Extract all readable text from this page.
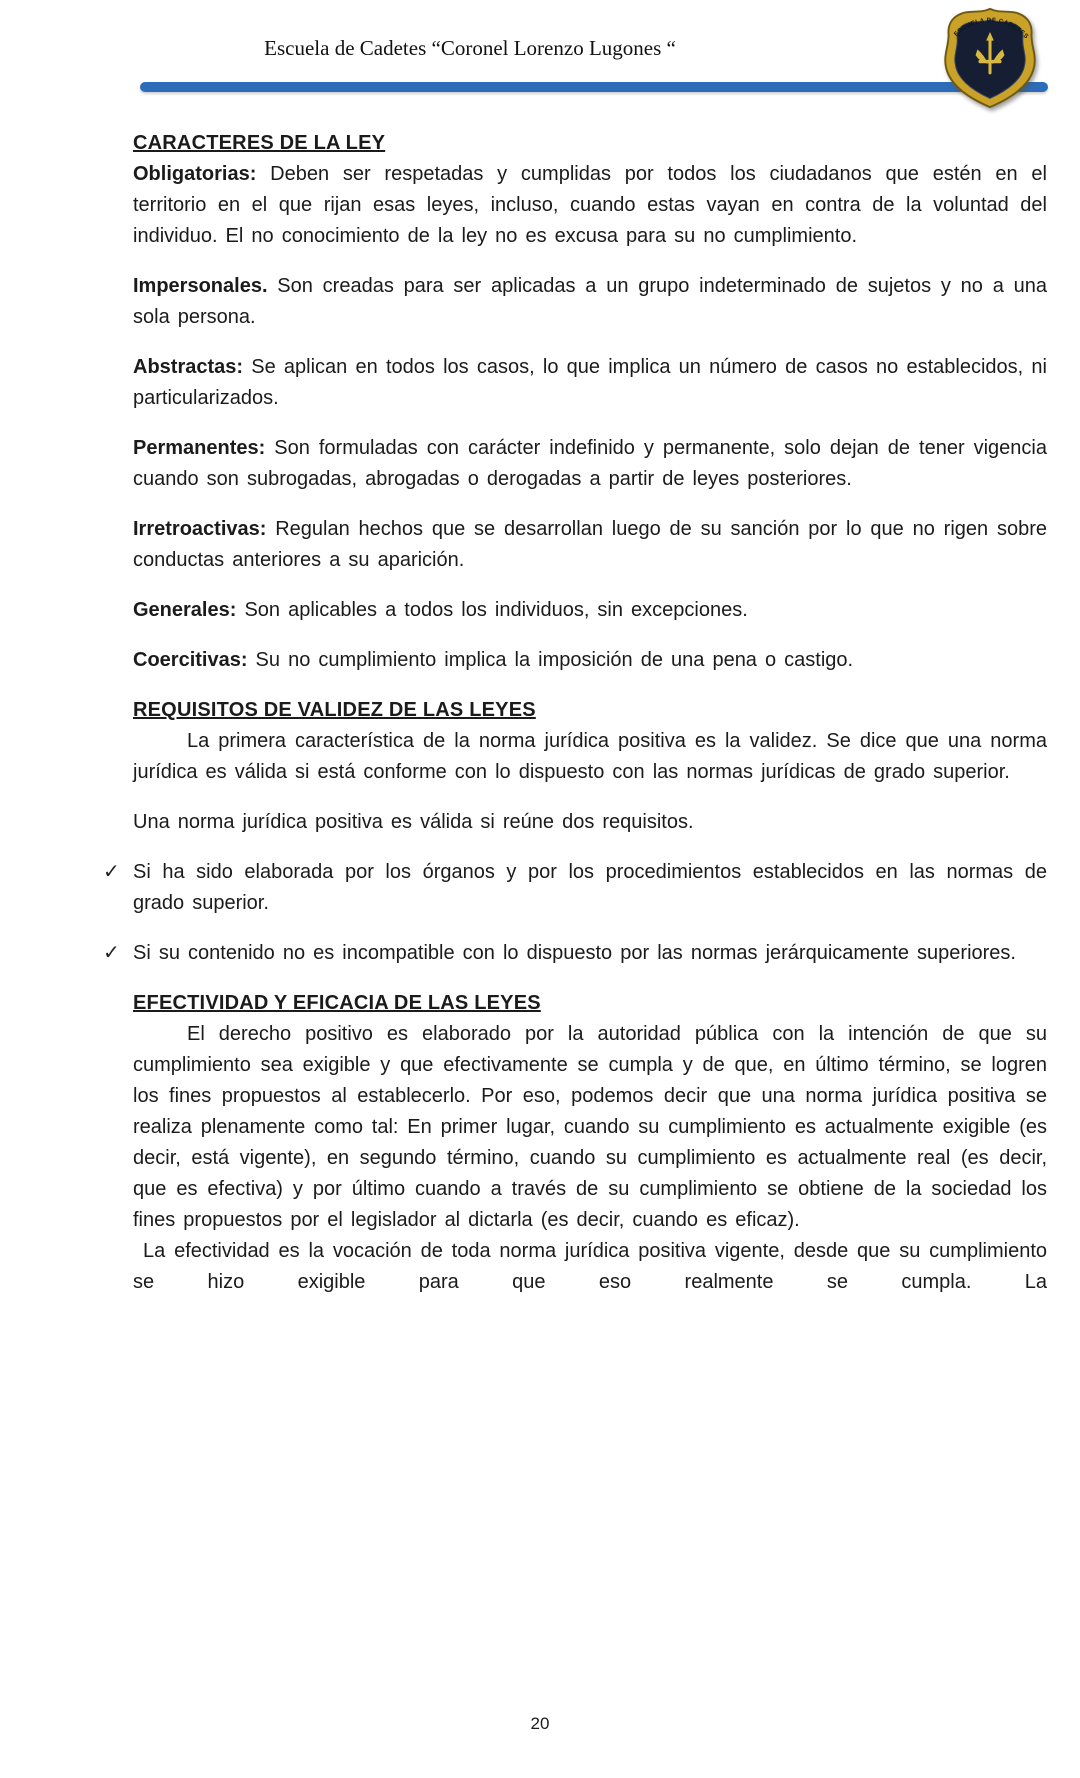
Escuela de Cadetes “Coronel Lorenzo Lugones “
ESCUELA DE CADETES
CARACTERES DE LA LEY

Obligatorias: Deben ser respetadas y cumplidas por todos los ciudadanos que estén en el territorio en el que rijan esas leyes, incluso, cuando estas vayan en contra de la voluntad del individuo. El no conocimiento de la ley no es excusa para su no cumplimiento.

Impersonales. Son creadas para ser aplicadas a un grupo indeterminado de sujetos y no a una sola persona.

Abstractas: Se aplican en todos los casos, lo que implica un número de casos no establecidos, ni particularizados.

Permanentes: Son formuladas con carácter indefinido y permanente, solo dejan de tener vigencia cuando son subrogadas, abrogadas o derogadas a partir de leyes posteriores.

Irretroactivas: Regulan hechos que se desarrollan luego de su sanción por lo que no rigen sobre conductas anteriores a su aparición.

Generales: Son aplicables a todos los individuos, sin excepciones.

Coercitivas: Su no cumplimiento implica la imposición de una pena o castigo.

REQUISITOS DE VALIDEZ DE LAS LEYES

La primera característica de la norma jurídica positiva es la validez. Se dice que una norma jurídica es válida si está conforme con lo dispuesto con las normas jurídicas de grado superior.

Una norma jurídica positiva es válida si reúne dos requisitos.

✓ Si ha sido elaborada por los órganos y por los procedimientos establecidos en las normas de grado superior.

✓ Si su contenido no es incompatible con lo dispuesto por las normas jerárquicamente superiores.

EFECTIVIDAD Y EFICACIA DE LAS LEYES

El derecho positivo es elaborado por la autoridad pública con la intención de que su cumplimiento sea exigible y que efectivamente se cumpla y de que, en último término, se logren los fines propuestos al establecerlo. Por eso, podemos decir que una norma jurídica positiva se realiza plenamente como tal: En primer lugar, cuando su cumplimiento es actualmente exigible (es decir, está vigente), en segundo término, cuando su cumplimiento es actualmente real (es decir, que es efectiva) y por último cuando a través de su cumplimiento se obtiene de la sociedad los fines propuestos por el legislador al dictarla (es decir, cuando es eficaz).

La efectividad es la vocación de toda norma jurídica positiva vigente, desde que su cumplimiento se hizo exigible para que eso realmente se cumpla. La

20
